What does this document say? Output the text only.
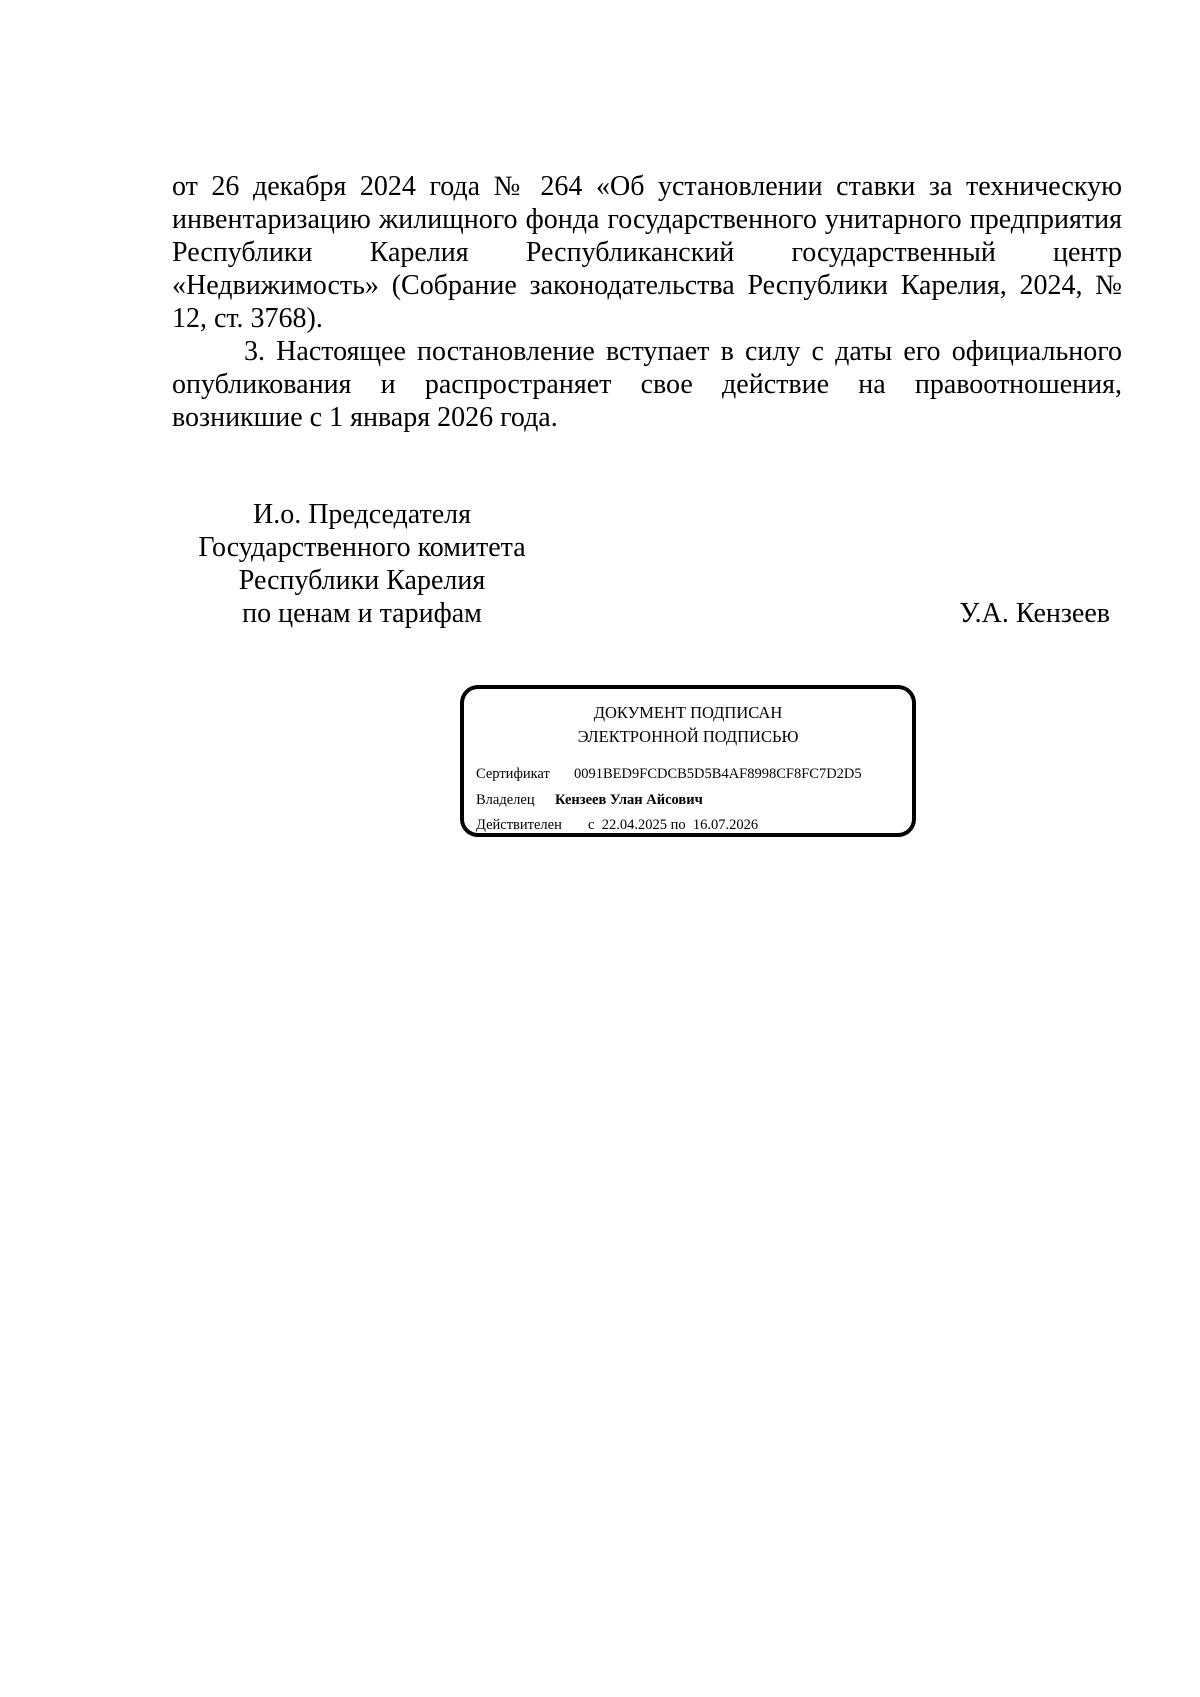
от 26 декабря 2024 года № 264 «Об установлении ставки за техническую инвентаризацию жилищного фонда государственного унитарного предприятия Республики Карелия Республиканский государственный центр «Недвижимость» (Собрание законодательства Республики Карелия, 2024, № 12, ст. 3768).

3. Настоящее постановление вступает в силу с даты его официального опубликования и распространяет свое действие на правоотношения, возникшие с 1 января 2026 года.

И.о. Председателя
Государственного комитета
Республики Карелия
по ценам и тарифам	У.А. Кензеев
ДОКУМЕНТ ПОДПИСАН
ЭЛЕКТРОННОЙ ПОДПИСЬЮ
Сертификат 0091BED9FCDCB5D5B4AF8998CF8FC7D2D5
Владелец Кензеев Улан Айсович
Действителен с 22.04.2025 по 16.07.2026
